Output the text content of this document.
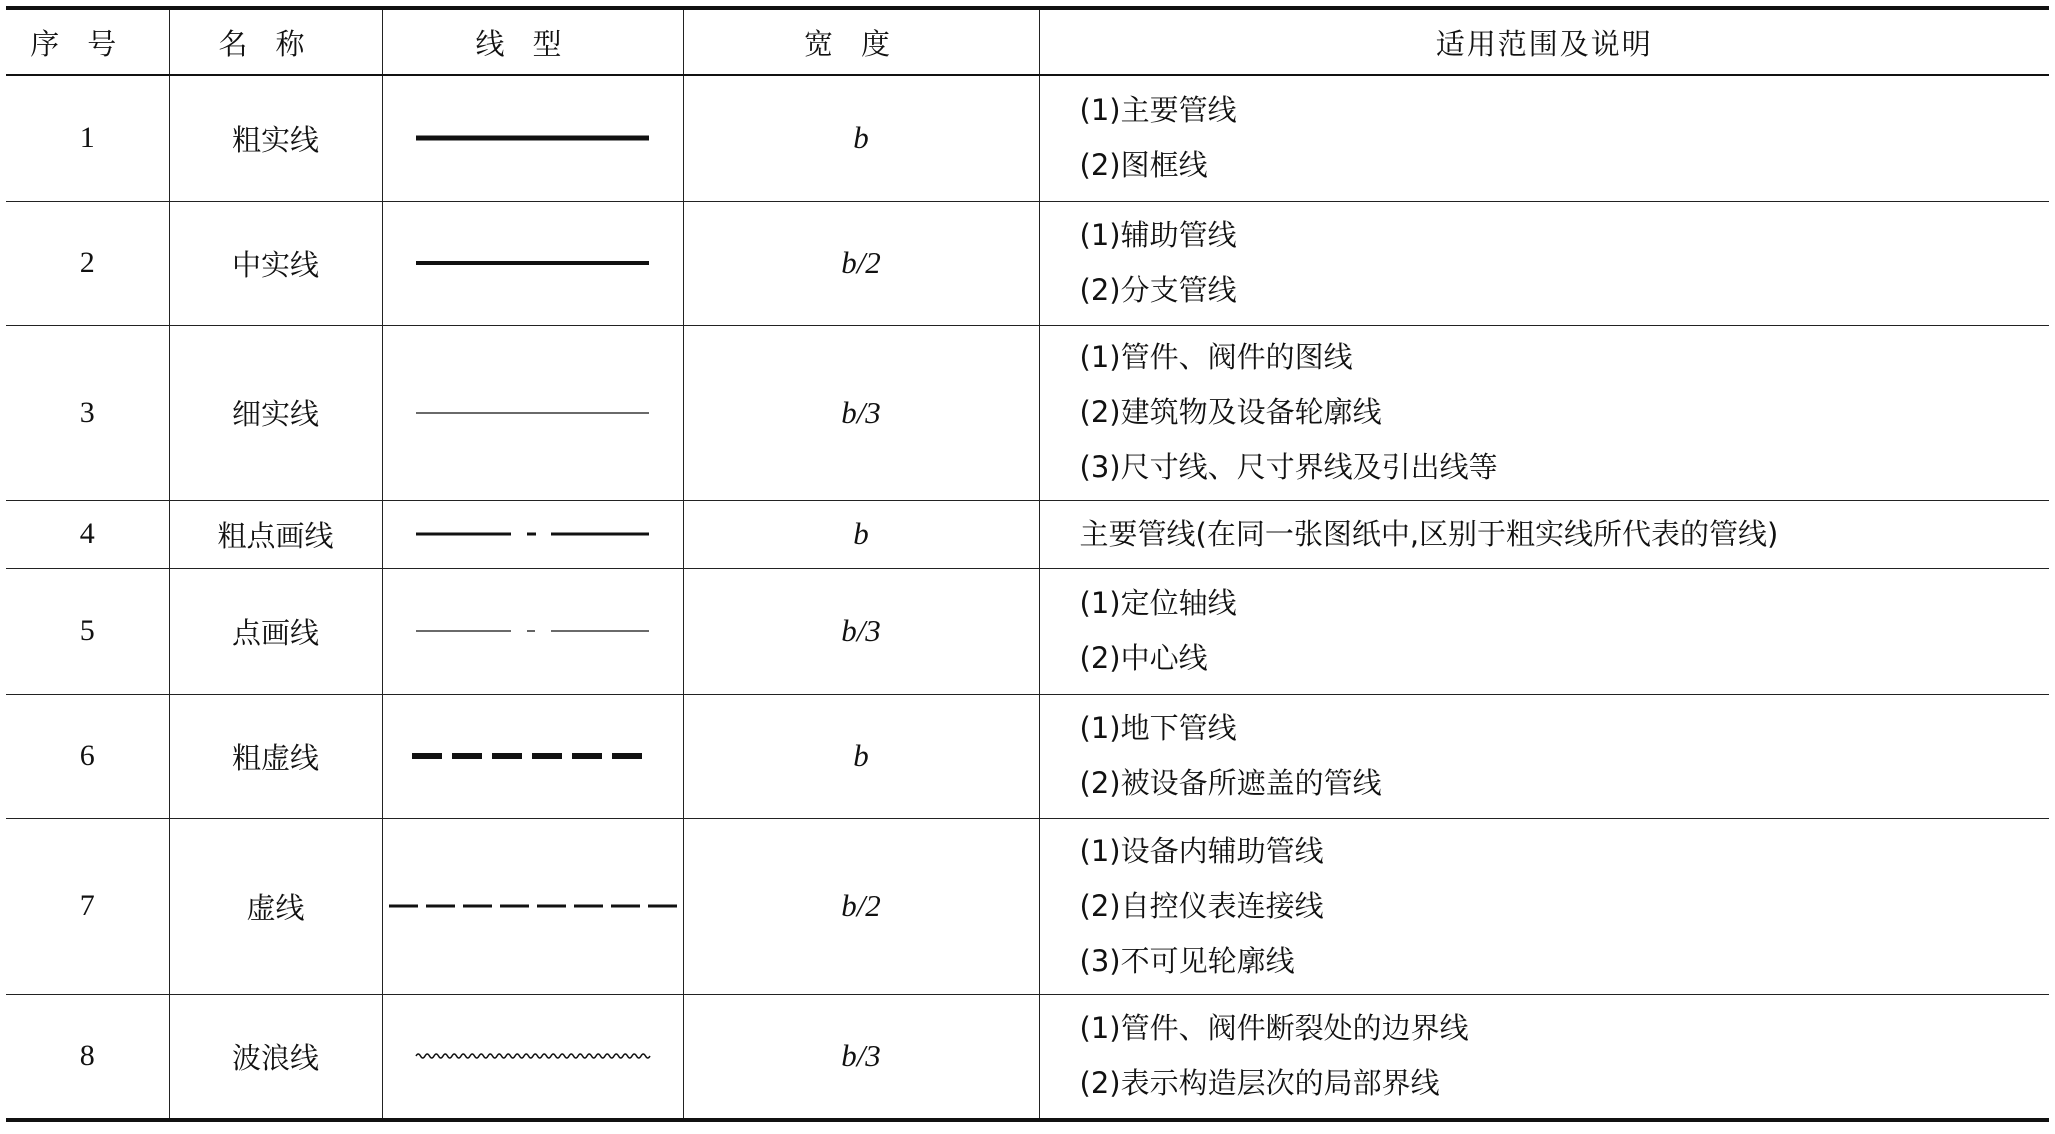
序号	名称	线型	宽度	适用范围及说明
1	粗实线		b	(1)主要管线
(2)图框线

2	中实线		b/2	(1)辅助管线
(2)分支管线

3	细实线		b/3	(1)管件、阀件的图线
(2)建筑物及设备轮廓线
(3)尺寸线、尺寸界线及引出线等

4	粗点画线		b	主要管线(在同一张图纸中,区别于粗实线所代表的管线)

5	点画线		b/3	(1)定位轴线
(2)中心线

6	粗虚线		b	(1)地下管线
(2)被设备所遮盖的管线

7	虚线		b/2	(1)设备内辅助管线
(2)自控仪表连接线
(3)不可见轮廓线

8	波浪线		b/3	(1)管件、阀件断裂处的边界线
(2)表示构造层次的局部界线
